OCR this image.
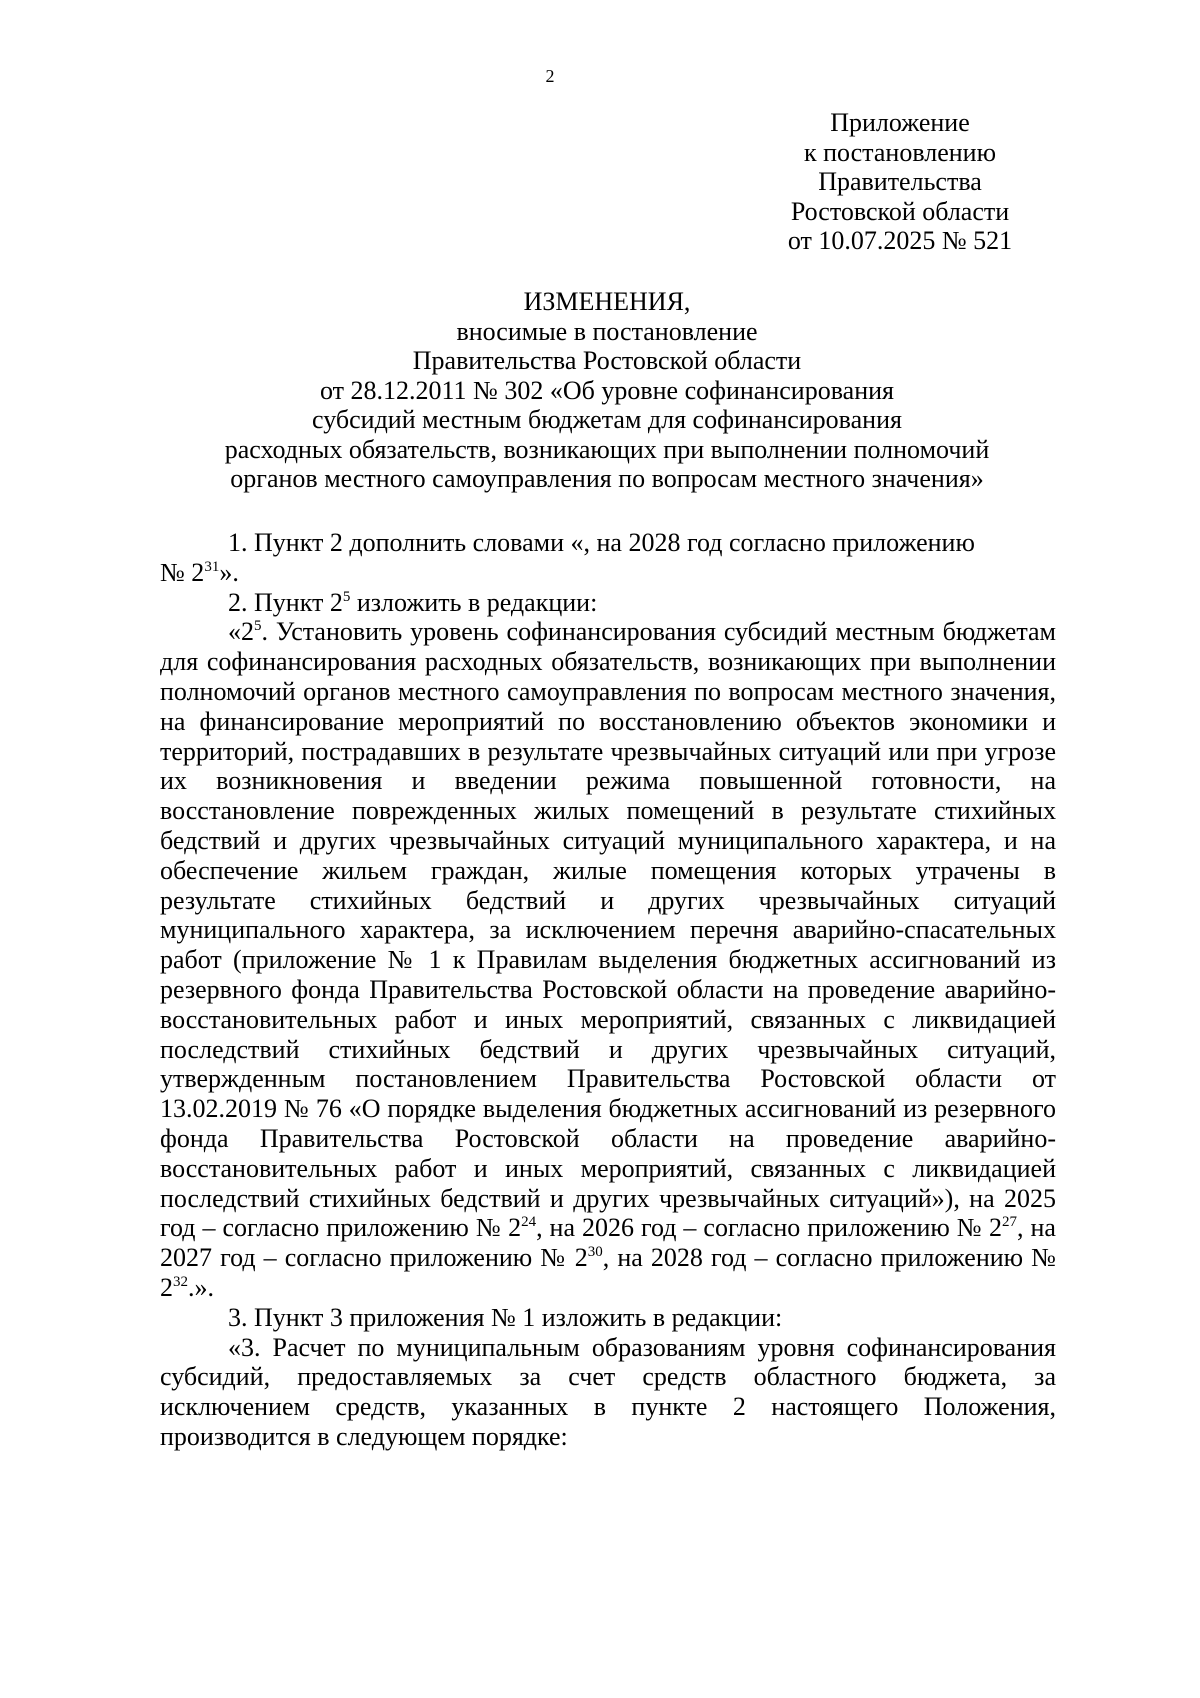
2
Приложение
к постановлению
Правительства
Ростовской области
от 10.07.2025 № 521
ИЗМЕНЕНИЯ,
вносимые в постановление
Правительства Ростовской области
от 28.12.2011 № 302 «Об уровне софинансирования
субсидий местным бюджетам для софинансирования
расходных обязательств, возникающих при выполнении полномочий
органов местного самоуправления по вопросам местного значения»

1. Пункт 2 дополнить словами «, на 2028 год согласно приложению
№ $2^{31}$».

2. Пункт $2^5$ изложить в редакции:

«$2^5$. Установить уровень софинансирования субсидий местным бюджетам для софинансирования расходных обязательств, возникающих при выполнении полномочий органов местного самоуправления по вопросам местного значения, на финансирование мероприятий по восстановлению объектов экономики и территорий, пострадавших в результате чрезвычайных ситуаций или при угрозе их возникновения и введении режима повышенной готовности, на восстановление поврежденных жилых помещений в результате стихийных бедствий и других чрезвычайных ситуаций муниципального характера, и на обеспечение жильем граждан, жилые помещения которых утрачены в результате стихийных бедствий и других чрезвычайных ситуаций муниципального характера, за исключением перечня аварийно-спасательных работ (приложение № 1 к Правилам выделения бюджетных ассигнований из резервного фонда Правительства Ростовской области на проведение аварийно-восстановительных работ и иных мероприятий, связанных с ликвидацией последствий стихийных бедствий и других чрезвычайных ситуаций, утвержденным постановлением Правительства Ростовской области от 13.02.2019 № 76 «О порядке выделения бюджетных ассигнований из резервного фонда Правительства Ростовской области на проведение аварийно-восстановительных работ и иных мероприятий, связанных с ликвидацией последствий стихийных бедствий и других чрезвычайных ситуаций»), на 2025 год – согласно приложению № $2^{24}$, на 2026 год – согласно приложению № $2^{27}$, на 2027 год – согласно приложению № $2^{30}$, на 2028 год – согласно приложению № $2^{32}$.».

3. Пункт 3 приложения № 1 изложить в редакции:

«3. Расчет по муниципальным образованиям уровня софинансирования субсидий, предоставляемых за счет средств областного бюджета, за исключением средств, указанных в пункте 2 настоящего Положения, производится в следующем порядке:
